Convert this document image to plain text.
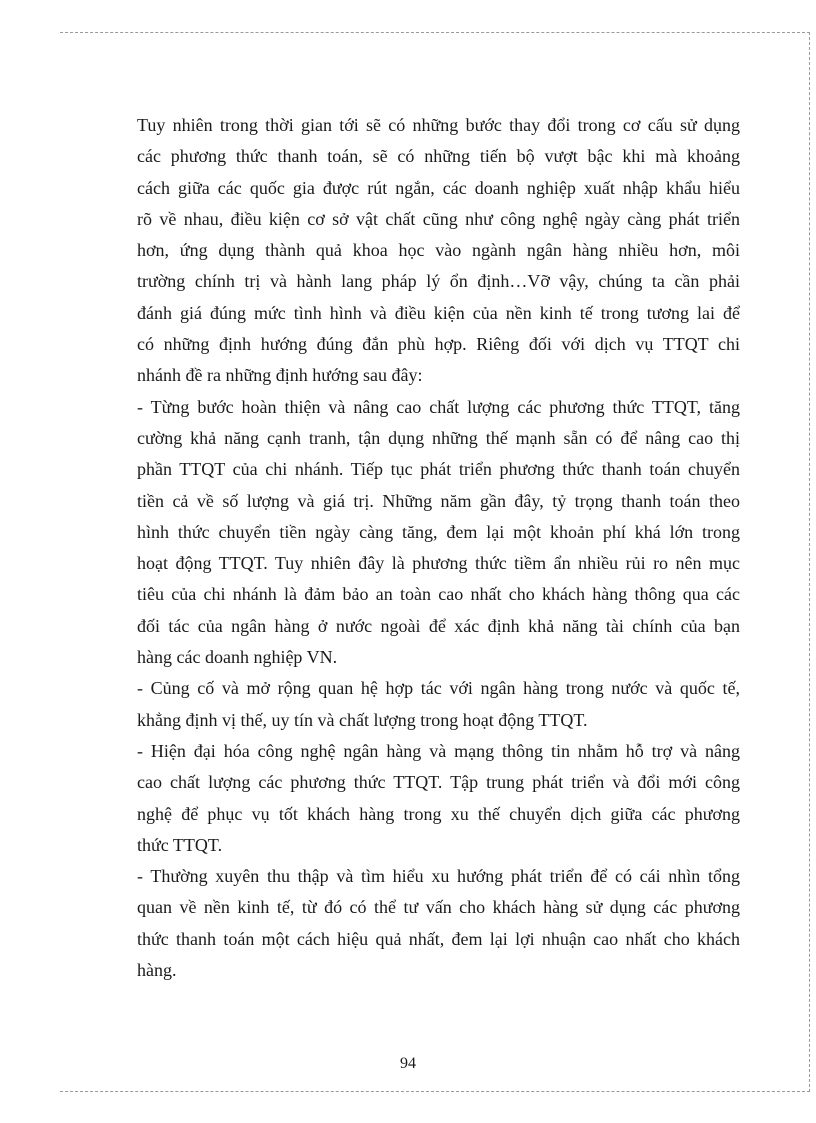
Tuy nhiên trong thời gian tới sẽ có những bước thay đổi trong cơ cấu sử dụng
các phương thức thanh toán, sẽ có những tiến bộ vượt bậc khi mà khoảng
cách giữa các quốc gia được rút ngắn, các doanh nghiệp xuất nhập khẩu hiểu
rõ về nhau, điều kiện cơ sở vật chất cũng như công nghệ ngày càng phát triển
hơn, ứng dụng thành quả khoa học vào ngành ngân hàng nhiều hơn, môi
trường chính trị và hành lang pháp lý ổn định…Vỡ vậy, chúng ta cần phải
đánh giá đúng mức tình hình và điều kiện của nền kinh tế trong tương lai để
có những định hướng đúng đắn phù hợp. Riêng đối với dịch vụ TTQT chi
nhánh đề ra những định hướng sau đây:
- Từng bước hoàn thiện và nâng cao chất lượng các phương thức TTQT, tăng
cường khả năng cạnh tranh, tận dụng những thế mạnh sẵn có để nâng cao thị
phần TTQT của chi nhánh. Tiếp tục phát triển phương thức thanh toán chuyển
tiền cả về số lượng và giá trị. Những năm gần đây, tỷ trọng thanh toán theo
hình thức chuyển tiền ngày càng tăng, đem lại một khoản phí khá lớn trong
hoạt động TTQT. Tuy nhiên đây là phương thức tiềm ẩn nhiều rủi ro nên mục
tiêu của chi nhánh là đảm bảo an toàn cao nhất cho khách hàng thông qua các
đối tác của ngân hàng ở nước ngoài để xác định khả năng tài chính của bạn
hàng các doanh nghiệp VN.
- Củng cố và mở rộng quan hệ hợp tác với ngân hàng trong nước và quốc tế,
khẳng định vị thế, uy tín và chất lượng trong hoạt động TTQT.
- Hiện đại hóa công nghệ ngân hàng và mạng thông tin nhằm hỗ trợ và nâng
cao chất lượng các phương thức TTQT. Tập trung phát triển và đổi mới công
nghệ để phục vụ tốt khách hàng trong xu thế chuyển dịch giữa các phương
thức TTQT.
- Thường xuyên thu thập và tìm hiểu xu hướng phát triển để có cái nhìn tổng
quan về nền kinh tế, từ đó có thể tư vấn cho khách hàng sử dụng các phương
thức thanh toán một cách hiệu quả nhất, đem lại lợi nhuận cao nhất cho khách
hàng.
94
